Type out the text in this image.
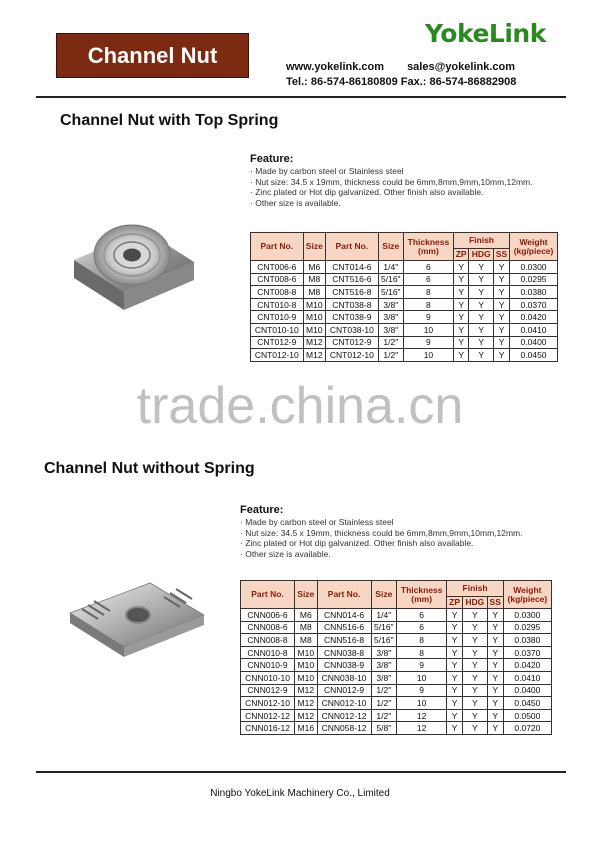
Channel Nut
YokeLink
www.yokelink.com sales@yokelink.com
Tel.: 86-574-86180809 Fax.: 86-574-86882908
Channel Nut with Top Spring
Feature:
· Made by carbon steel or Stainless steel
· Nut size: 34.5 x 19mm, thickness could be 6mm,8mm,9mm,10mm,12mm.
· Zinc plated or Hot dip galvanized. Other finish also available.
· Other size is available.
Part No.	Size	Part No.	Size	Thickness
(mm)	Finish			Weight
(kg/piece)
					ZP	HDG	SS	
CNT006-6	M6	CNT014-6	1/4"	6	Y	Y	Y	0.0300
CNT008-6	M8	CNT516-6	5/16"	6	Y	Y	Y	0.0295
CNT008-8	M8	CNT516-8	5/16"	8	Y	Y	Y	0.0380
CNT010-8	M10	CNT038-8	3/8"	8	Y	Y	Y	0.0370
CNT010-9	M10	CNT038-9	3/8"	9	Y	Y	Y	0.0420
CNT010-10	M10	CNT038-10	3/8"	10	Y	Y	Y	0.0410
CNT012-9	M12	CNT012-9	1/2"	9	Y	Y	Y	0.0400
CNT012-10	M12	CNT012-10	1/2"	10	Y	Y	Y	0.0450
trade.china.cn
Channel Nut without Spring
Feature:
· Made by carbon steel or Stainless steel
· Nut size: 34.5 x 19mm, thickness could be 6mm,8mm,9mm,10mm,12mm.
· Zinc plated or Hot dip galvanized. Other finish also available.
· Other size is available.
Part No.	Size	Part No.	Size	Thickness
(mm)	Finish			Weight
(kg/piece)
					ZP	HDG	SS	
CNN006-6	M6	CNN014-6	1/4"	6	Y	Y	Y	0.0300
CNN008-6	M8	CNN516-6	5/16"	6	Y	Y	Y	0.0295
CNN008-8	M8	CNN516-8	5/16"	8	Y	Y	Y	0.0380
CNN010-8	M10	CNN038-8	3/8"	8	Y	Y	Y	0.0370
CNN010-9	M10	CNN038-9	3/8"	9	Y	Y	Y	0.0420
CNN010-10	M10	CNN038-10	3/8"	10	Y	Y	Y	0.0410
CNN012-9	M12	CNN012-9	1/2"	9	Y	Y	Y	0.0400
CNN012-10	M12	CNN012-10	1/2"	10	Y	Y	Y	0.0450
CNN012-12	M12	CNN012-12	1/2"	12	Y	Y	Y	0.0500
CNN016-12	M16	CNN058-12	5/8"	12	Y	Y	Y	0.0720
Ningbo YokeLink Machinery Co., Limited
